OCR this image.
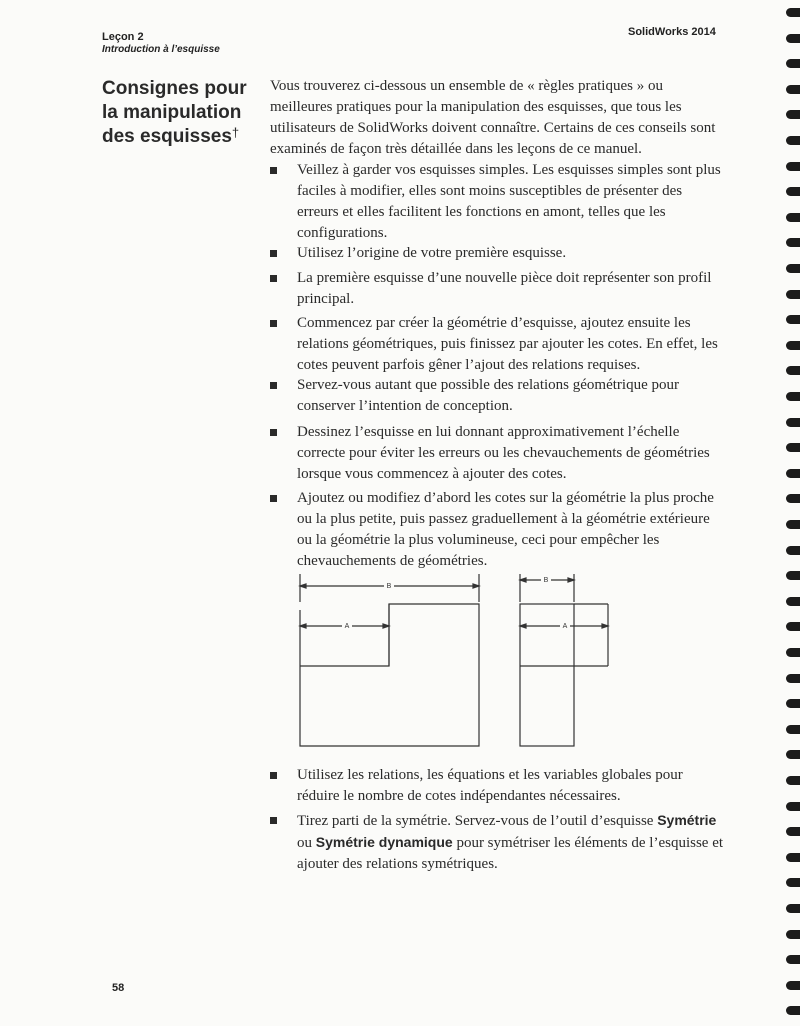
Leçon 2
Introduction à l’esquisse
SolidWorks 2014
Consignes pour la manipulation des esquisses†
Vous trouverez ci-dessous un ensemble de « règles pratiques » ou meilleures pratiques pour la manipulation des esquisses, que tous les utilisateurs de SolidWorks doivent connaître. Certains de ces conseils sont examinés de façon très détaillée dans les leçons de ce manuel.
Veillez à garder vos esquisses simples. Les esquisses simples sont plus faciles à modifier, elles sont moins susceptibles de présenter des erreurs et elles facilitent les fonctions en amont, telles que les configurations.
Utilisez l’origine de votre première esquisse.
La première esquisse d’une nouvelle pièce doit représenter son profil principal.
Commencez par créer la géométrie d’esquisse, ajoutez ensuite les relations géométriques, puis finissez par ajouter les cotes. En effet, les cotes peuvent parfois gêner l’ajout des relations requises.
Servez-vous autant que possible des relations géométrique pour conserver l’intention de conception.
Dessinez l’esquisse en lui donnant approximativement l’échelle correcte pour éviter les erreurs ou les chevauchements de géométries lorsque vous commencez à ajouter des cotes.
Ajoutez ou modifiez d’abord les cotes sur la géométrie la plus proche ou la plus petite, puis passez graduellement à la géométrie extérieure ou la géométrie la plus volumineuse, ceci pour empêcher les chevauchements de géométries.
B
A
B
A
Utilisez les relations, les équations et les variables globales pour réduire le nombre de cotes indépendantes nécessaires.
Tirez parti de la symétrie. Servez-vous de l’outil d’esquisse Symétrie ou Symétrie dynamique pour symétriser les éléments de l’esquisse et ajouter des relations symétriques.
58
